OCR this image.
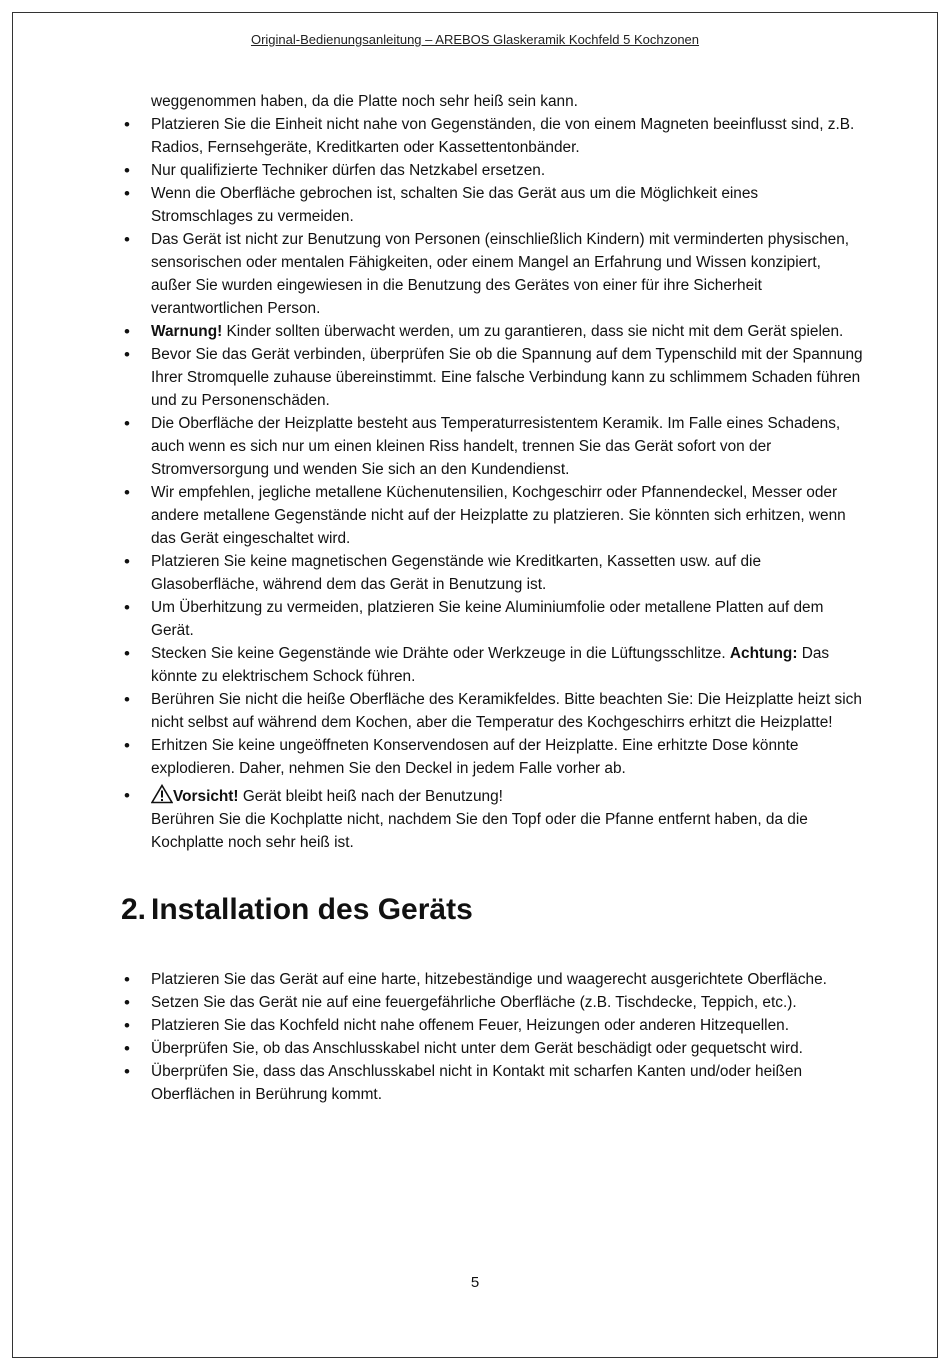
Original-Bedienungsanleitung – AREBOS Glaskeramik Kochfeld 5 Kochzonen

weggenommen haben, da die Platte noch sehr heiß sein kann.

• Platzieren Sie die Einheit nicht nahe von Gegenständen, die von einem Magneten beeinflusst sind, z.B. Radios, Fernsehgeräte, Kreditkarten oder Kassettentonbänder.
• Nur qualifizierte Techniker dürfen das Netzkabel ersetzen.
• Wenn die Oberfläche gebrochen ist, schalten Sie das Gerät aus um die Möglichkeit eines Stromschlages zu vermeiden.
• Das Gerät ist nicht zur Benutzung von Personen (einschließlich Kindern) mit verminderten physischen, sensorischen oder mentalen Fähigkeiten, oder einem Mangel an Erfahrung und Wissen konzipiert, außer Sie wurden eingewiesen in die Benutzung des Gerätes von einer für ihre Sicherheit verantwortlichen Person.
• Warnung! Kinder sollten überwacht werden, um zu garantieren, dass sie nicht mit dem Gerät spielen.
• Bevor Sie das Gerät verbinden, überprüfen Sie ob die Spannung auf dem Typenschild mit der Spannung Ihrer Stromquelle zuhause übereinstimmt. Eine falsche Verbindung kann zu schlimmem Schaden führen und zu Personenschäden.
• Die Oberfläche der Heizplatte besteht aus Temperaturresistentem Keramik. Im Falle eines Schadens, auch wenn es sich nur um einen kleinen Riss handelt, trennen Sie das Gerät sofort von der Stromversorgung und wenden Sie sich an den Kundendienst.
• Wir empfehlen, jegliche metallene Küchenutensilien, Kochgeschirr oder Pfannendeckel, Messer oder andere metallene Gegenstände nicht auf der Heizplatte zu platzieren. Sie könnten sich erhitzen, wenn das Gerät eingeschaltet wird.
• Platzieren Sie keine magnetischen Gegenstände wie Kreditkarten, Kassetten usw. auf die Glasoberfläche, während dem das Gerät in Benutzung ist.
• Um Überhitzung zu vermeiden, platzieren Sie keine Aluminiumfolie oder metallene Platten auf dem Gerät.
• Stecken Sie keine Gegenstände wie Drähte oder Werkzeuge in die Lüftungsschlitze. Achtung: Das könnte zu elektrischem Schock führen.
• Berühren Sie nicht die heiße Oberfläche des Keramikfeldes. Bitte beachten Sie: Die Heizplatte heizt sich nicht selbst auf während dem Kochen, aber die Temperatur des Kochgeschirrs erhitzt die Heizplatte!
• Erhitzen Sie keine ungeöffneten Konservendosen auf der Heizplatte. Eine erhitzte Dose könnte explodieren. Daher, nehmen Sie den Deckel in jedem Falle vorher ab.
• Vorsicht! Gerät bleibt heiß nach der Benutzung!
Berühren Sie die Kochplatte nicht, nachdem Sie den Topf oder die Pfanne entfernt haben, da die Kochplatte noch sehr heiß ist.
2. Installation des Geräts
• Platzieren Sie das Gerät auf eine harte, hitzebeständige und waagerecht ausgerichtete Oberfläche.
• Setzen Sie das Gerät nie auf eine feuergefährliche Oberfläche (z.B. Tischdecke, Teppich, etc.).
• Platzieren Sie das Kochfeld nicht nahe offenem Feuer, Heizungen oder anderen Hitzequellen.
• Überprüfen Sie, ob das Anschlusskabel nicht unter dem Gerät beschädigt oder gequetscht wird.
• Überprüfen Sie, dass das Anschlusskabel nicht in Kontakt mit scharfen Kanten und/oder heißen Oberflächen in Berührung kommt.
5
